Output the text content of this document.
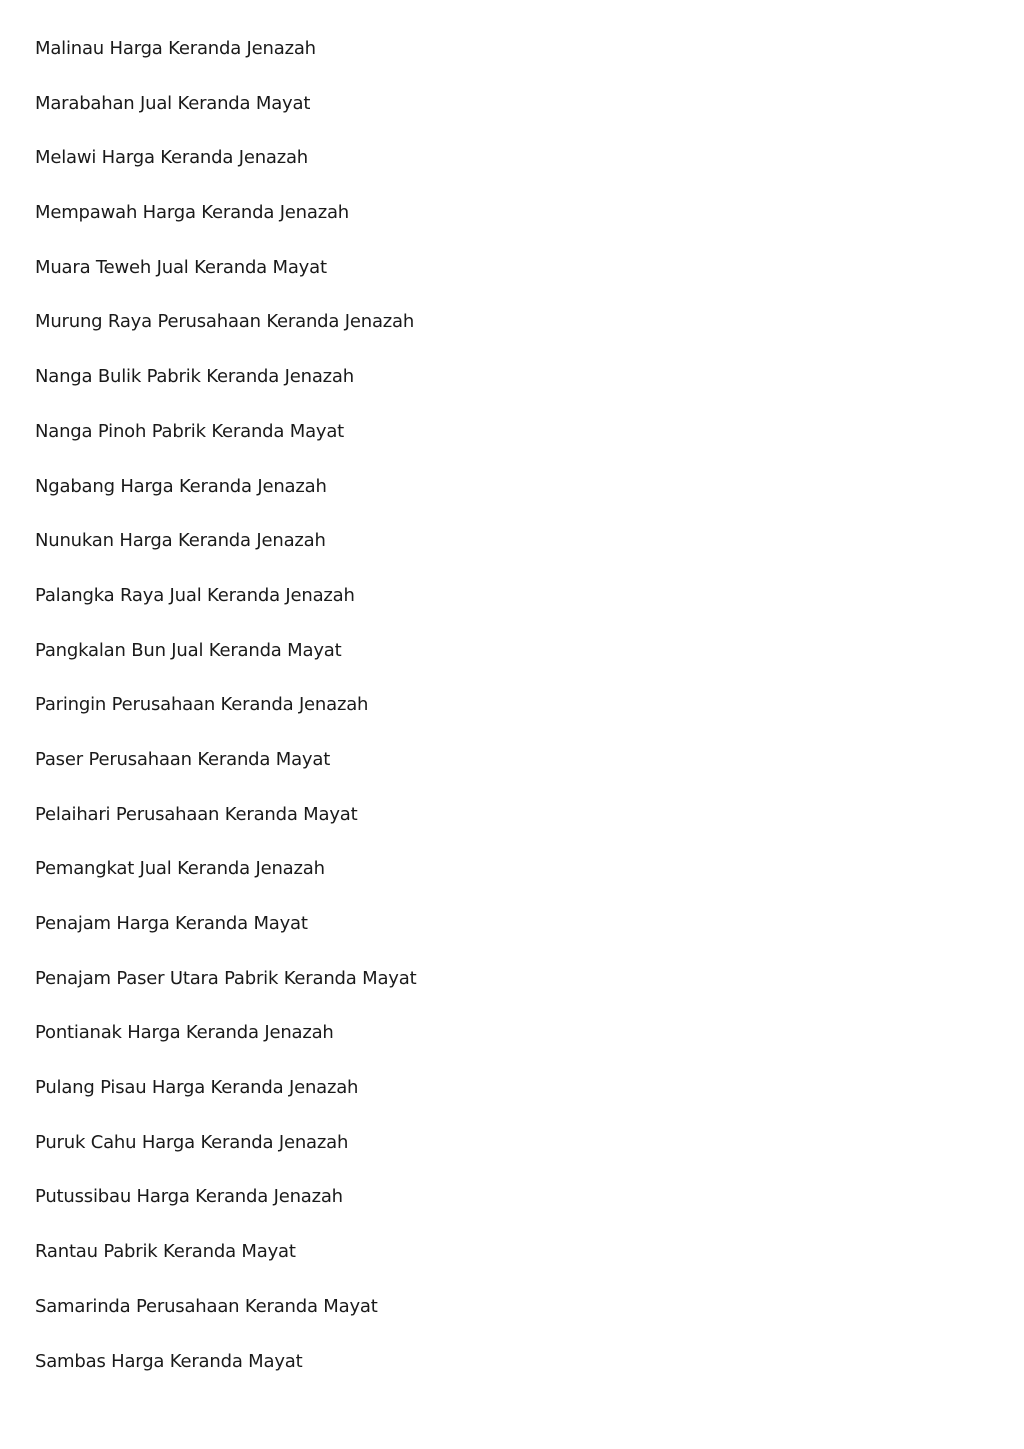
Malinau Harga Keranda Jenazah
Marabahan Jual Keranda Mayat
Melawi Harga Keranda Jenazah
Mempawah Harga Keranda Jenazah
Muara Teweh Jual Keranda Mayat
Murung Raya Perusahaan Keranda Jenazah
Nanga Bulik Pabrik Keranda Jenazah
Nanga Pinoh Pabrik Keranda Mayat
Ngabang Harga Keranda Jenazah
Nunukan Harga Keranda Jenazah
Palangka Raya Jual Keranda Jenazah
Pangkalan Bun Jual Keranda Mayat
Paringin Perusahaan Keranda Jenazah
Paser Perusahaan Keranda Mayat
Pelaihari Perusahaan Keranda Mayat
Pemangkat Jual Keranda Jenazah
Penajam Harga Keranda Mayat
Penajam Paser Utara Pabrik Keranda Mayat
Pontianak Harga Keranda Jenazah
Pulang Pisau Harga Keranda Jenazah
Puruk Cahu Harga Keranda Jenazah
Putussibau Harga Keranda Jenazah
Rantau Pabrik Keranda Mayat
Samarinda Perusahaan Keranda Mayat
Sambas Harga Keranda Mayat
